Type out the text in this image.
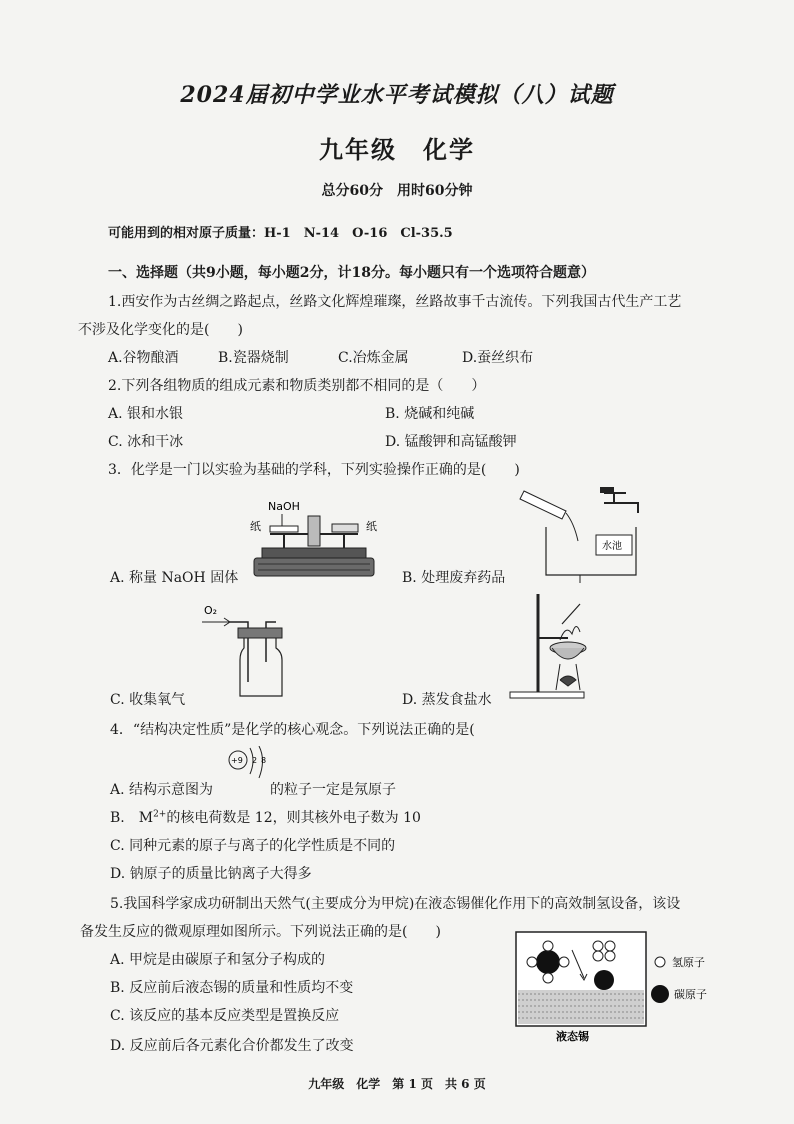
2024届初中学业水平考试模拟（八）试题
九年级　化学
总分60分　用时60分钟
可能用到的相对原子质量：H-1　N-14　O-16　Cl-35.5
一、选择题（共9小题，每小题2分，计18分。每小题只有一个选项符合题意）
1.西安作为古丝绸之路起点，丝路文化辉煌璀璨，丝路故事千古流传。下列我国古代生产工艺
不涉及化学变化的是(　　)
A.谷物酿酒	B.瓷器烧制	C.冶炼金属	D.蚕丝织布
2.下列各组物质的组成元素和物质类别都不相同的是（　　）
A. 银和水银	B. 烧碱和纯碱
C. 冰和干冰	D. 锰酸钾和高锰酸钾
3．化学是一门以实验为基础的学科，下列实验操作正确的是(　　)
NaOH
纸	纸
A. 称量 NaOH 固体
水池
B. 处理废弃药品
O₂
C. 收集氧气	D. 蒸发食盐水
4．“结构决定性质”是化学的核心观念。下列说法正确的是(
A. 结构示意图为
+9 2 8
的粒子一定是氖原子
B.　$M^{2+}$的核电荷数是 12，则其核外电子数为 10
C. 同种元素的原子与离子的化学性质是不同的
D. 钠原子的质量比钠离子大得多
5.我国科学家成功研制出天然气(主要成分为甲烷)在液态锡催化作用下的高效制氢设备，该设
备发生反应的微观原理如图所示。下列说法正确的是(　　)
A. 甲烷是由碳原子和氢分子构成的
B. 反应前后液态锡的质量和性质均不变
C. 该反应的基本反应类型是置换反应
D. 反应前后各元素化合价都发生了改变
氢原子
碳原子
液态锡
九年级　化学　第 1 页　共 6 页
